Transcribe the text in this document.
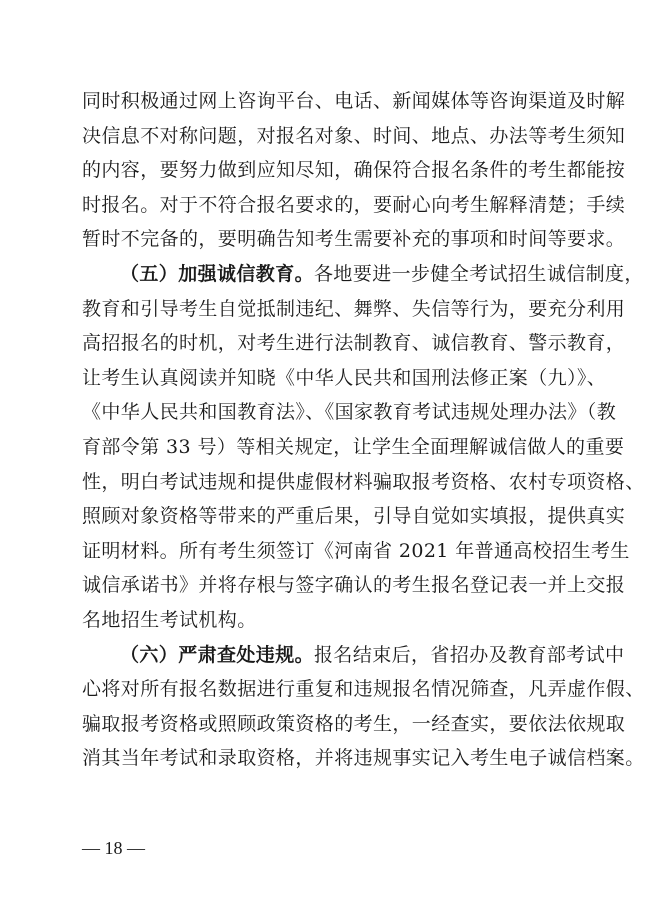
同时积极通过网上咨询平台、电话、新闻媒体等咨询渠道及时解
决信息不对称问题，对报名对象、时间、地点、办法等考生须知
的内容，要努力做到应知尽知，确保符合报名条件的考生都能按
时报名。对于不符合报名要求的，要耐心向考生解释清楚；手续
暂时不完备的，要明确告知考生需要补充的事项和时间等要求。
（五）加强诚信教育。各地要进一步健全考试招生诚信制度，
教育和引导考生自觉抵制违纪、舞弊、失信等行为，要充分利用
高招报名的时机，对考生进行法制教育、诚信教育、警示教育，
让考生认真阅读并知晓《中华人民共和国刑法修正案（九）》、
《中华人民共和国教育法》、《国家教育考试违规处理办法》（教
育部令第 33 号）等相关规定，让学生全面理解诚信做人的重要
性，明白考试违规和提供虚假材料骗取报考资格、农村专项资格、
照顾对象资格等带来的严重后果，引导自觉如实填报，提供真实
证明材料。所有考生须签订《河南省 2021 年普通高校招生考生
诚信承诺书》并将存根与签字确认的考生报名登记表一并上交报
名地招生考试机构。
（六）严肃查处违规。报名结束后，省招办及教育部考试中
心将对所有报名数据进行重复和违规报名情况筛查，凡弄虚作假、
骗取报考资格或照顾政策资格的考生，一经查实，要依法依规取
消其当年考试和录取资格，并将违规事实记入考生电子诚信档案。
— 18 —
